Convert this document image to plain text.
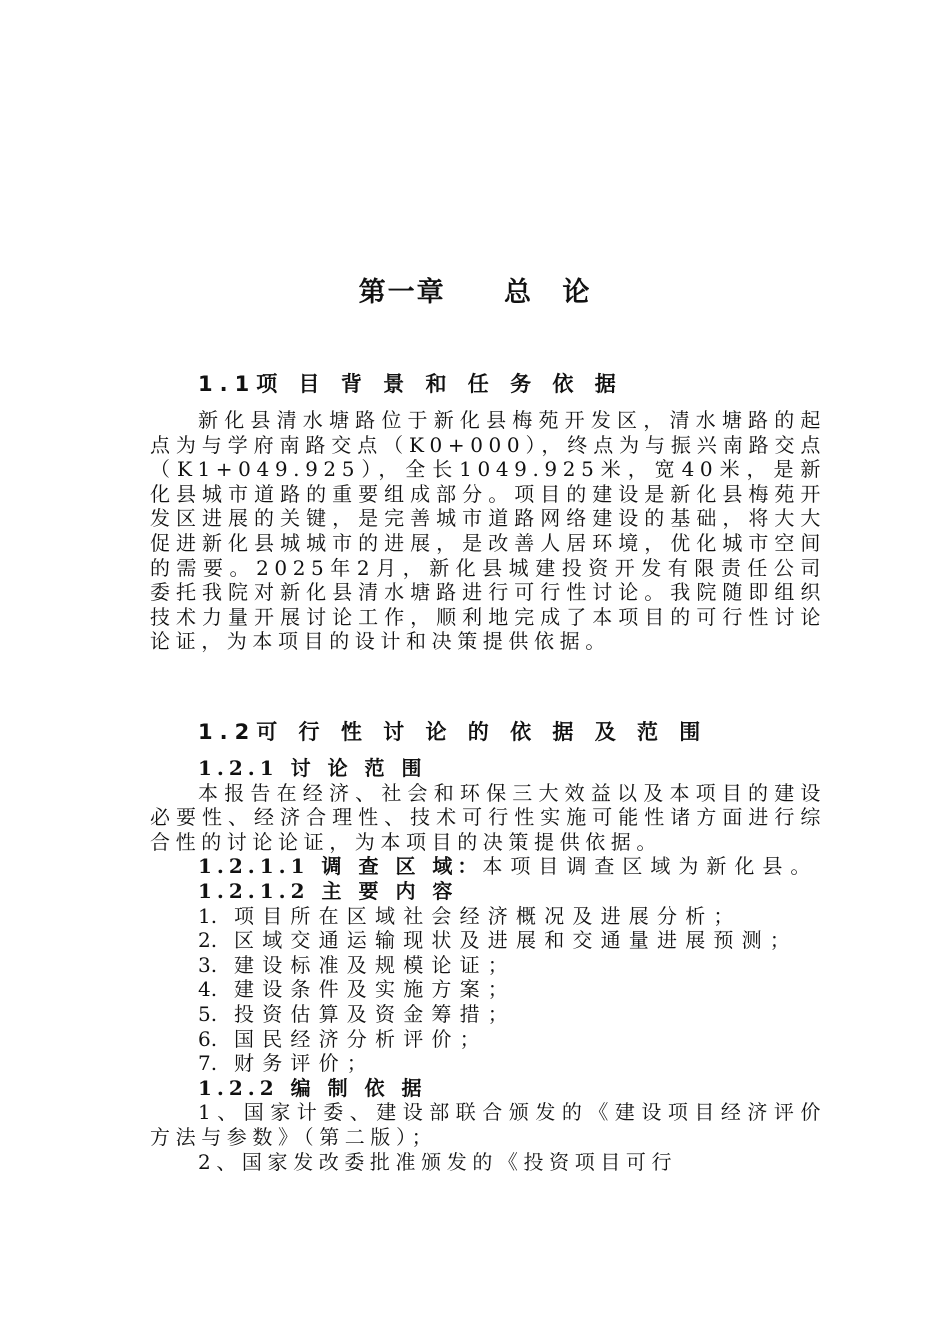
第一章　 总 论
1.1项 目 背 景 和 任 务 依 据

新化县清水塘路位于新化县梅苑开发区，清水塘路的起点为与学府南路交点（K0+000），终点为与振兴南路交点（K1+049.925），全长1049.925米，宽40米，是新化县城市道路的重要组成部分。项目的建设是新化县梅苑开发区进展的关键，是完善城市道路网络建设的基础，将大大促进新化县城城市的进展，是改善人居环境，优化城市空间的需要。2025年2月，新化县城建投资开发有限责任公司委托我院对新化县清水塘路进行可行性讨论。我院随即组织技术力量开展讨论工作，顺利地完成了本项目的可行性讨论论证，为本项目的设计和决策提供依据。

1.2可 行 性 讨 论 的 依 据 及 范 围

1.2.1 讨 论 范 围

本报告在经济、社会和环保三大效益以及本项目的建设必要性、经济合理性、技术可行性实施可能性诸方面进行综合性的讨论论证，为本项目的决策提供依据。

1.2.1.1 调 查 区 域：本项目调查区域为新化县。

1.2.1.2 主 要 内 容

1. 项目所在区域社会经济概况及进展分析；
2. 区域交通运输现状及进展和交通量进展预测；
3. 建设标准及规模论证；
4. 建设条件及实施方案；
5. 投资估算及资金筹措；
6. 国民经济分析评价；
7. 财务评价；

1.2.2 编 制 依 据

1、国家计委、建设部联合颁发的《建设项目经济评价方法与参数》（第二版）；

2、国家发改委批准颁发的《投资项目可行
